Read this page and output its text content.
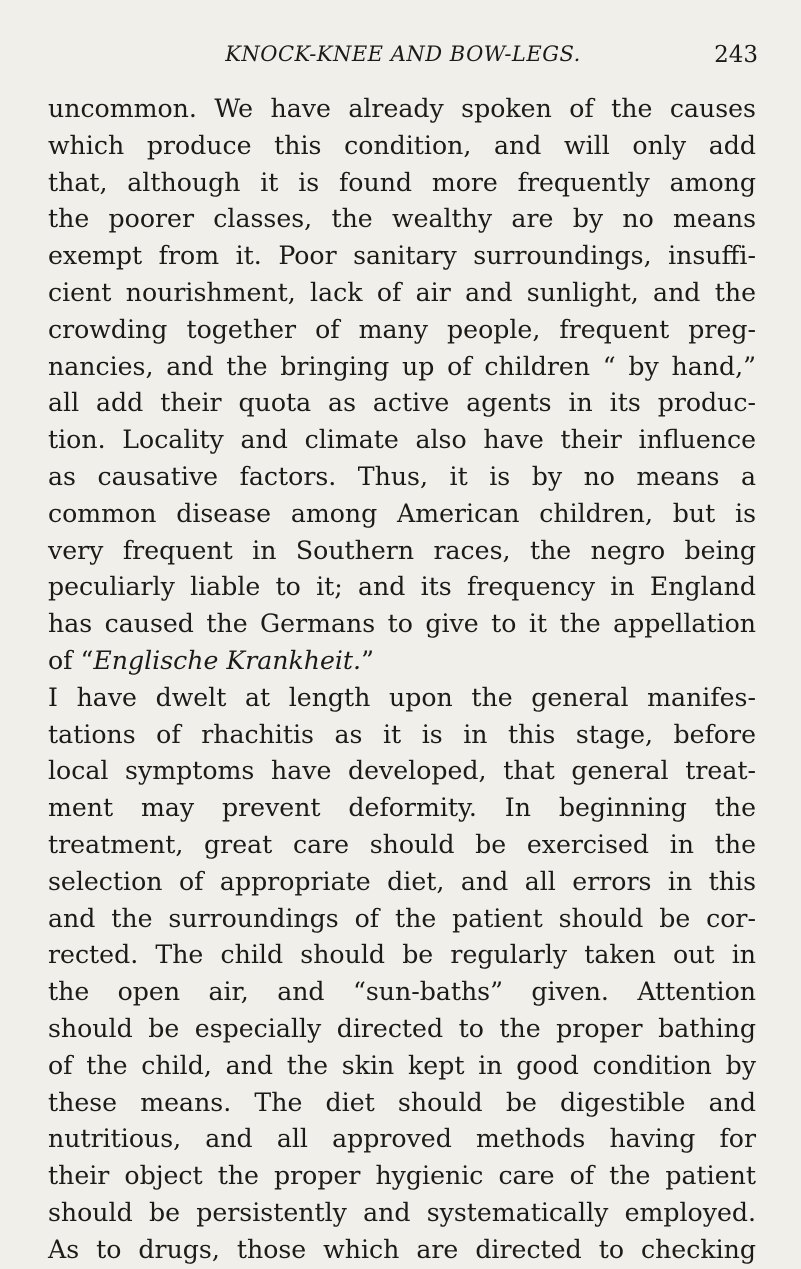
KNOCK-KNEE AND BOW-LEGS.	243
uncommon. We have already spoken of the causes
which produce this condition, and will only add
that, although it is found more frequently among
the poorer classes, the wealthy are by no means
exempt from it. Poor sanitary surroundings, insuffi-
cient nourishment, lack of air and sunlight, and the
crowding together of many people, frequent preg-
nancies, and the bringing up of children “ by hand,”
all add their quota as active agents in its produc-
tion. Locality and climate also have their influence
as causative factors. Thus, it is by no means a
common disease among American children, but is
very frequent in Southern races, the negro being
peculiarly liable to it; and its frequency in England
has caused the Germans to give to it the appellation
of “Englische Krankheit.”
I have dwelt at length upon the general manifes-
tations of rhachitis as it is in this stage, before
local symptoms have developed, that general treat-
ment may prevent deformity. In beginning the
treatment, great care should be exercised in the
selection of appropriate diet, and all errors in this
and the surroundings of the patient should be cor-
rected. The child should be regularly taken out in
the open air, and “sun-baths” given. Attention
should be especially directed to the proper bathing
of the child, and the skin kept in good condition by
these means. The diet should be digestible and
nutritious, and all approved methods having for
their object the proper hygienic care of the patient
should be persistently and systematically employed.
As to drugs, those which are directed to checking
